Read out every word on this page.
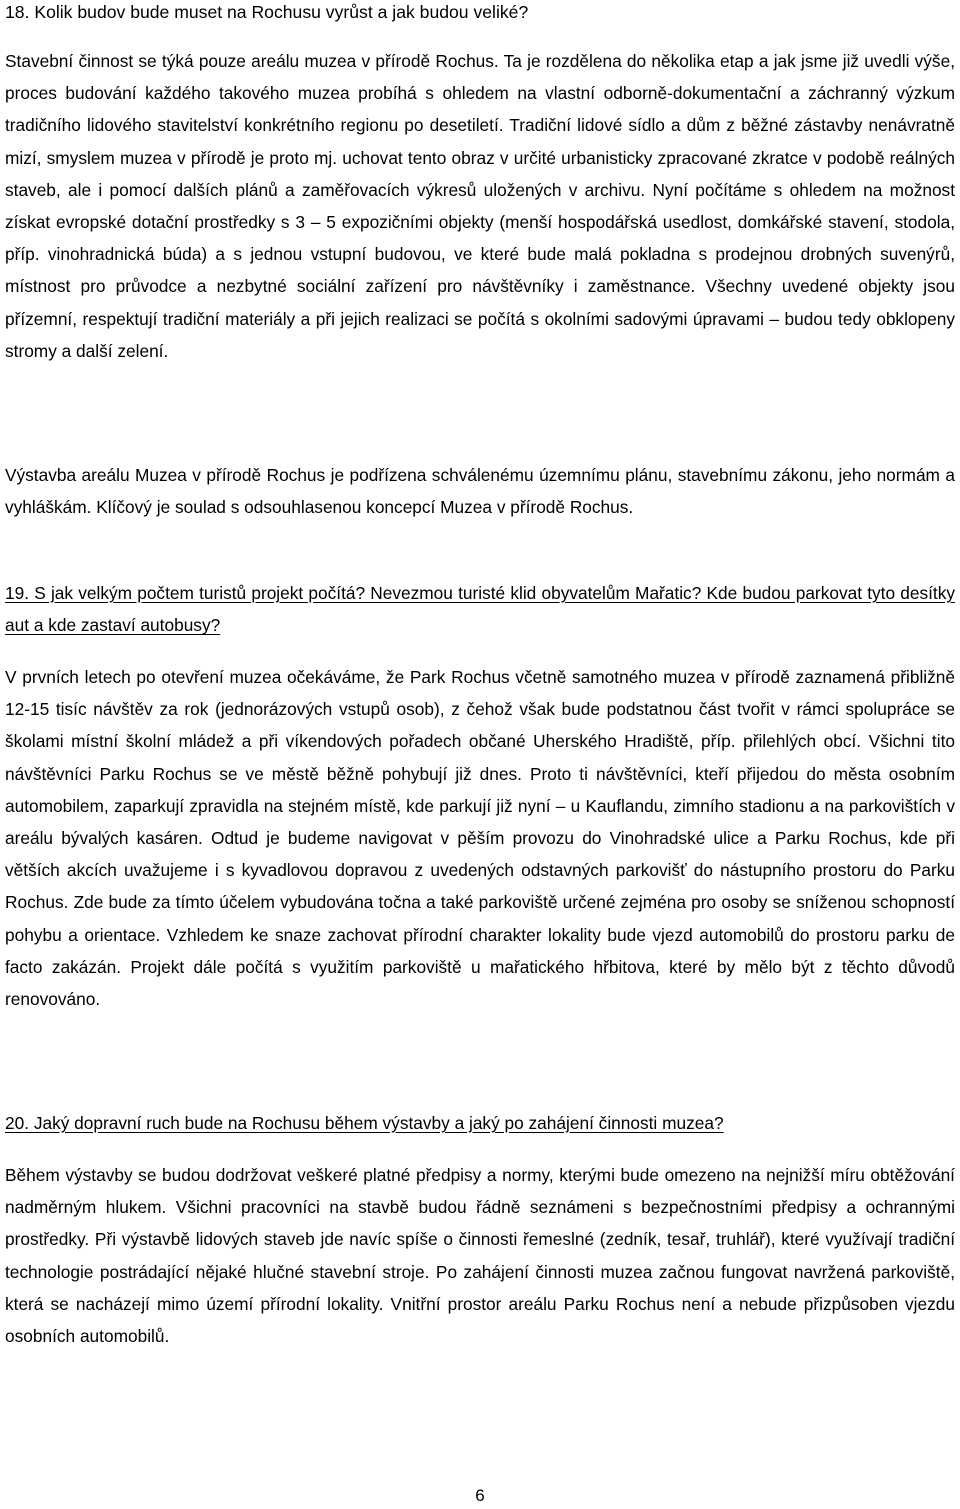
18. Kolik budov bude muset na Rochusu vyrůst a jak budou veliké?

Stavební činnost se týká pouze areálu muzea v přírodě Rochus. Ta je rozdělena do několika etap a jak jsme již uvedli výše, proces budování každého takového muzea probíhá s ohledem na vlastní odborně-dokumentační a záchranný výzkum tradičního lidového stavitelství konkrétního regionu po desetiletí. Tradiční lidové sídlo a dům z běžné zástavby nenávratně mizí, smyslem muzea v přírodě je proto mj. uchovat tento obraz v určité urbanisticky zpracované zkratce v podobě reálných staveb, ale i pomocí dalších plánů a zaměřovacích výkresů uložených v archivu. Nyní počítáme s ohledem na možnost získat evropské dotační prostředky s 3 – 5 expozičními objekty (menší hospodářská usedlost, domkářské stavení, stodola, příp. vinohradnická búda) a s jednou vstupní budovou, ve které bude malá pokladna s prodejnou drobných suvenýrů, místnost pro průvodce a nezbytné sociální zařízení pro návštěvníky i zaměstnance. Všechny uvedené objekty jsou přízemní, respektují tradiční materiály a při jejich realizaci se počítá s okolními sadovými úpravami – budou tedy obklopeny stromy a další zelení.

Výstavba areálu Muzea v přírodě Rochus je podřízena schválenému územnímu plánu, stavebnímu zákonu, jeho normám a vyhláškám. Klíčový je soulad s odsouhlasenou koncepcí Muzea v přírodě Rochus.

19. S jak velkým počtem turistů projekt počítá? Nevezmou turisté klid obyvatelům Mařatic? Kde budou parkovat tyto desítky aut a kde zastaví autobusy?

V prvních letech po otevření muzea očekáváme, že Park Rochus včetně samotného muzea v přírodě zaznamená přibližně 12-15 tisíc návštěv za rok (jednorázových vstupů osob), z čehož však bude podstatnou část tvořit v rámci spolupráce se školami místní školní mládež a při víkendových pořadech občané Uherského Hradiště, příp. přilehlých obcí. Všichni tito návštěvníci Parku Rochus se ve městě běžně pohybují již dnes. Proto ti návštěvníci, kteří přijedou do města osobním automobilem, zaparkují zpravidla na stejném místě, kde parkují již nyní – u Kauflandu, zimního stadionu a na parkovištích v areálu bývalých kasáren. Odtud je budeme navigovat v pěším provozu do Vinohradské ulice a Parku Rochus, kde při větších akcích uvažujeme i s kyvadlovou dopravou z uvedených odstavných parkovišť do nástupního prostoru do Parku Rochus. Zde bude za tímto účelem vybudována točna a také parkoviště určené zejména pro osoby se sníženou schopností pohybu a orientace. Vzhledem ke snaze zachovat přírodní charakter lokality bude vjezd automobilů do prostoru parku de facto zakázán. Projekt dále počítá s využitím parkoviště u mařatického hřbitova, které by mělo být z těchto důvodů renovováno.

20. Jaký dopravní ruch bude na Rochusu během výstavby a jaký po zahájení činnosti muzea?

Během výstavby se budou dodržovat veškeré platné předpisy a normy, kterými bude omezeno na nejnižší míru obtěžování nadměrným hlukem. Všichni pracovníci na stavbě budou řádně seznámeni s bezpečnostními předpisy a ochrannými prostředky. Při výstavbě lidových staveb jde navíc spíše o činnosti řemeslné (zedník, tesař, truhlář), které využívají tradiční technologie postrádající nějaké hlučné stavební stroje. Po zahájení činnosti muzea začnou fungovat navržená parkoviště, která se nacházejí mimo území přírodní lokality. Vnitřní prostor areálu Parku Rochus není a nebude přizpůsoben vjezdu osobních automobilů.

6
